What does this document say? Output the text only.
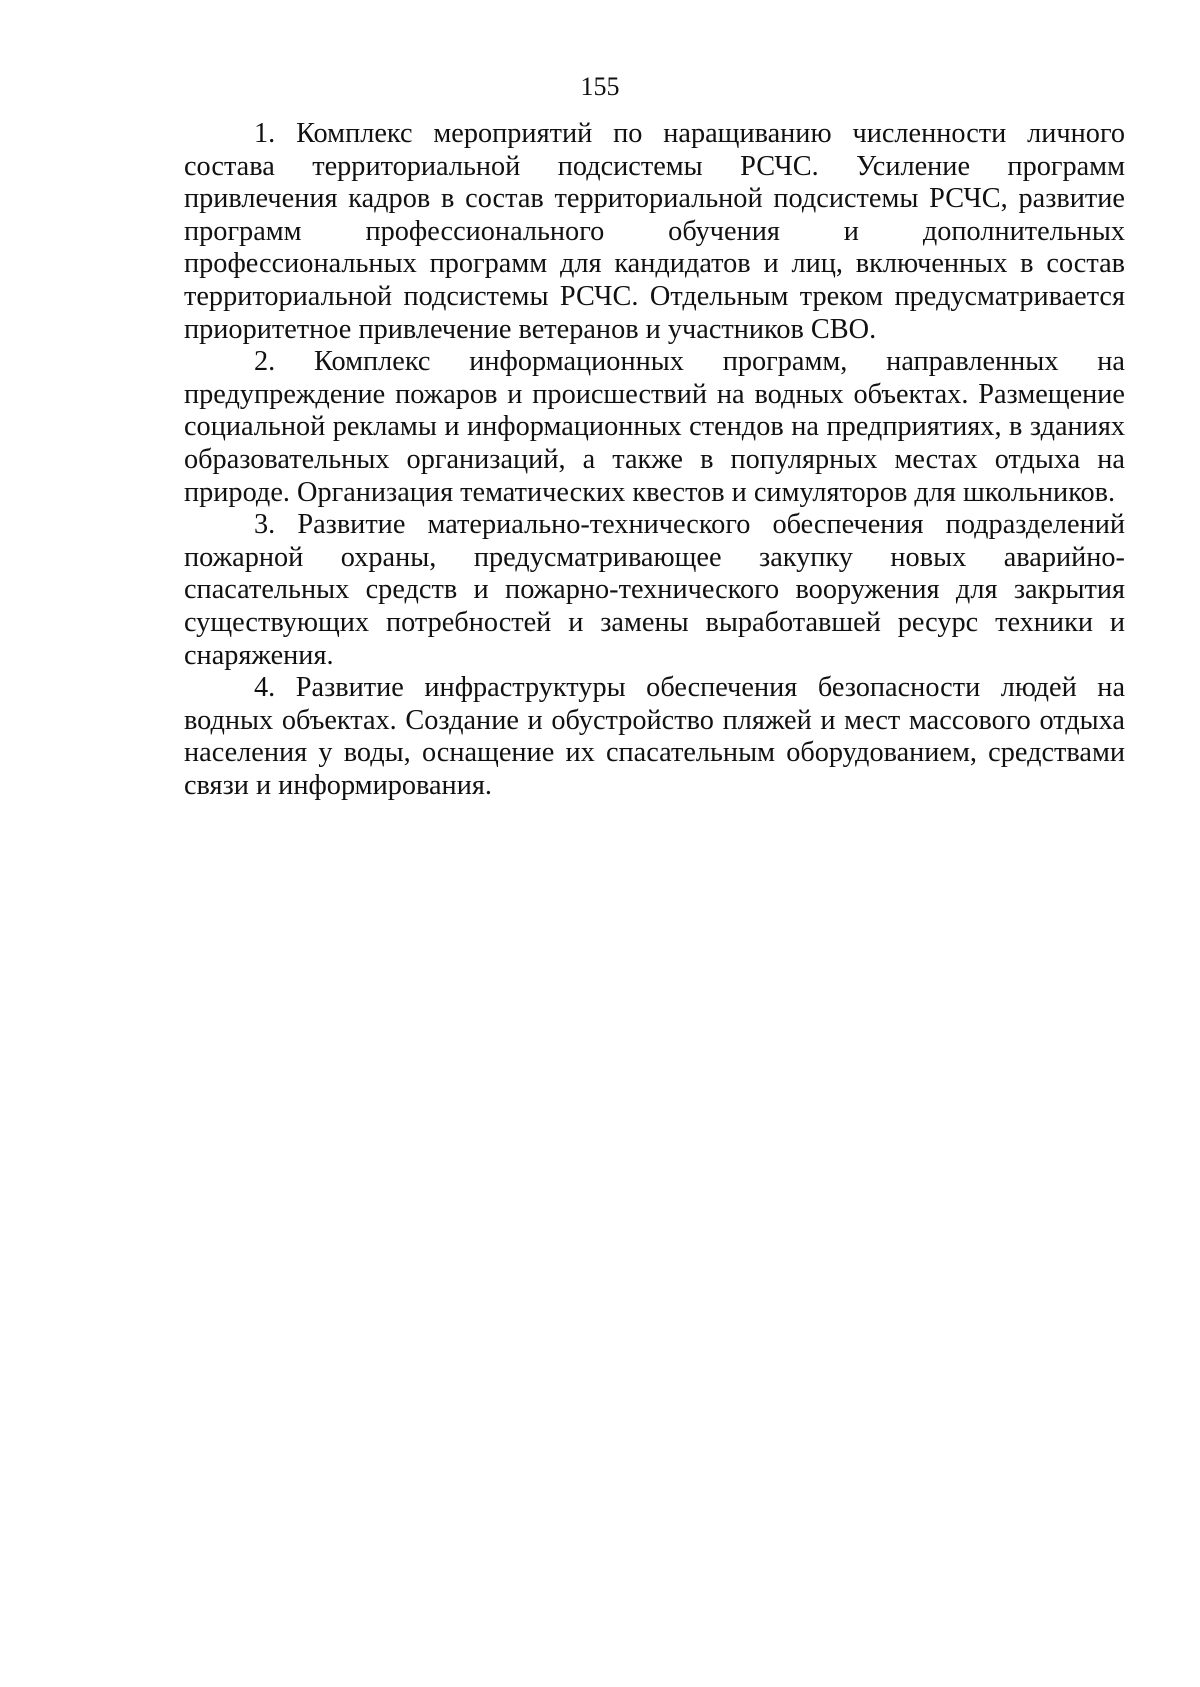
155

1. Комплекс мероприятий по наращиванию численности личного состава территориальной подсистемы РСЧС. Усиление программ привлечения кадров в состав территориальной подсистемы РСЧС, развитие программ профессионального обучения и дополнительных профессиональных программ для кандидатов и лиц, включенных в состав территориальной подсистемы РСЧС. Отдельным треком предусматривается приоритетное привлечение ветеранов и участников СВО.

2. Комплекс информационных программ, направленных на предупреждение пожаров и происшествий на водных объектах. Размещение социальной рекламы и информационных стендов на предприятиях, в зданиях образовательных организаций, а также в популярных местах отдыха на природе. Организация тематических квестов и симуляторов для школьников.

3. Развитие материально-технического обеспечения подразделений пожарной охраны, предусматривающее закупку новых аварийно-спасательных средств и пожарно-технического вооружения для закрытия существующих потребностей и замены выработавшей ресурс техники и снаряжения.

4. Развитие инфраструктуры обеспечения безопасности людей на водных объектах. Создание и обустройство пляжей и мест массового отдыха населения у воды, оснащение их спасательным оборудованием, средствами связи и информирования.
